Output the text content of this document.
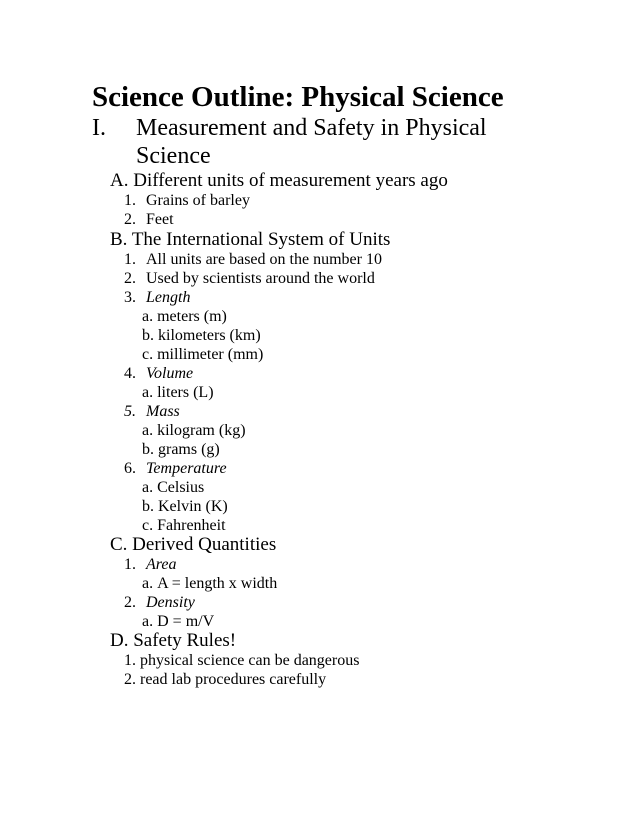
Science Outline: Physical Science
I. Measurement and Safety in Physical Science
A. Different units of measurement years ago
1. Grains of barley
2. Feet
B. The International System of Units
1. All units are based on the number 10
2. Used by scientists around the world
3. Length
a. meters (m)
b. kilometers (km)
c. millimeter (mm)
4. Volume
a. liters (L)
5. Mass
a. kilogram (kg)
b. grams (g)
6. Temperature
a. Celsius
b. Kelvin (K)
c. Fahrenheit
C. Derived Quantities
1. Area
a. A = length x width
2. Density
a. D = m/V
D. Safety Rules!
1. physical science can be dangerous
2. read lab procedures carefully
